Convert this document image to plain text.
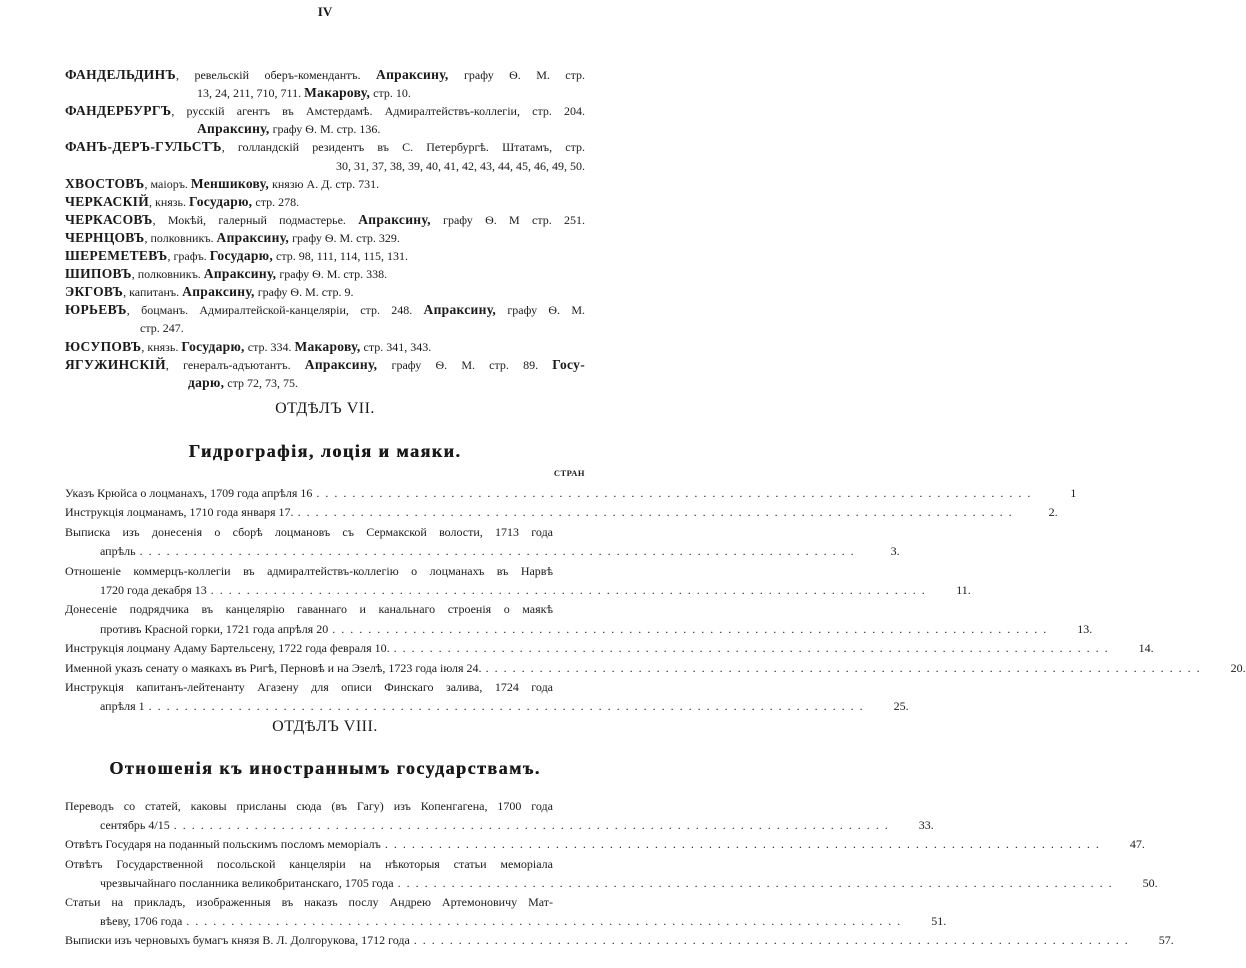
IV
ФАНДЕЛЬДИНЪ, ревельскій оберъ-комендантъ. Апраксину, графу Ѳ. М. стр.
13, 24, 211, 710, 711. Макарову, стр. 10.
ФАНДЕРБУРГЪ, русскій агентъ въ Амстердамѣ. Адмиралтействъ-коллегіи, стр. 204.
Апраксину, графу Ѳ. М. стр. 136.
ФАНЪ-ДЕРЪ-ГУЛЬСТЪ, голландскій резидентъ въ С. Петербургѣ. Штатамъ, стр.
30, 31, 37, 38, 39, 40, 41, 42, 43, 44, 45, 46, 49, 50.
ХВОСТОВЪ, маіоръ. Меншикову, князю А. Д. стр. 731.
ЧЕРКАСКІЙ, князь. Государю, стр. 278.
ЧЕРКАСОВЪ, Мокѣй, галерный подмастерье. Апраксину, графу Ѳ. М стр. 251.
ЧЕРНЦОВЪ, полковникъ. Апраксину, графу Ѳ. М. стр. 329.
ШЕРЕМЕТЕВЪ, графъ. Государю, стр. 98, 111, 114, 115, 131.
ШИПОВЪ, полковникъ. Апраксину, графу Ѳ. М. стр. 338.
ЭКГОВЪ, капитанъ. Апраксину, графу Ѳ. М. стр. 9.
ЮРЬЕВЪ, боцманъ. Адмиралтейской-канцеляріи, стр. 248. Апраксину, графу Ѳ. М.
стр. 247.
ЮСУПОВЪ, князь. Государю, стр. 334. Макарову, стр. 341, 343.
ЯГУЖИНСКІЙ, генералъ-адъютантъ. Апраксину, графу Ѳ. М. стр. 89. Госу-
дарю, стр 72, 73, 75.
ОТДѢЛЪ VII.
Гидрографія, лоція и маяки.
СТРАН
Указъ Крюйса о лоцманахъ, 1709 года апрѣля 16 ................................................................................	1
Инструкція лоцманамъ, 1710 года января 17. ................................................................................	2.
Выписка изъ донесенія о сборѣ лоцмановъ съ Сермакской волости, 1713 года
апрѣль ................................................................................	3.
Отношеніе коммерцъ-коллегіи въ адмиралтействъ-коллегію о лоцманахъ въ Нарвѣ
1720 года декабря 13 ................................................................................	11.
Донесеніе подрядчика въ канцелярію гаваннаго и канальнаго строенія о маякѣ
противъ Красной горки, 1721 года апрѣля 20 ................................................................................	13.
Инструкція лоцману Адаму Бартельсену, 1722 года февраля 10. ................................................................................	14.
Именной указъ сенату о маякахъ въ Ригѣ, Перновѣ и на Эзелѣ, 1723 года іюля 24. ................................................................................	20.
Инструкція капитанъ-лейтенанту Агазену для описи Финскаго залива, 1724 года
апрѣля 1 ................................................................................	25.
ОТДѢЛЪ VIII.
Отношенія къ иностраннымъ государствамъ.
Переводъ со статей, каковы присланы сюда (въ Гагу) изъ Копенгагена, 1700 года
сентябрь 4/15 ................................................................................	33.
Отвѣтъ Государя на поданный польскимъ посломъ меморіалъ ................................................................................	47.
Отвѣтъ Государственной посольской канцеляріи на нѣкоторыя статьи меморіала
чрезвычайнаго посланника великобританскаго, 1705 года ................................................................................	50.
Статьи на прикладъ, изображенныя въ наказъ послу Андрею Артемоновичу Мат-
вѣеву, 1706 года ................................................................................	51.
Выписки изъ черновыхъ бумагъ князя В. Л. Долгорукова, 1712 года ................................................................................	57.
